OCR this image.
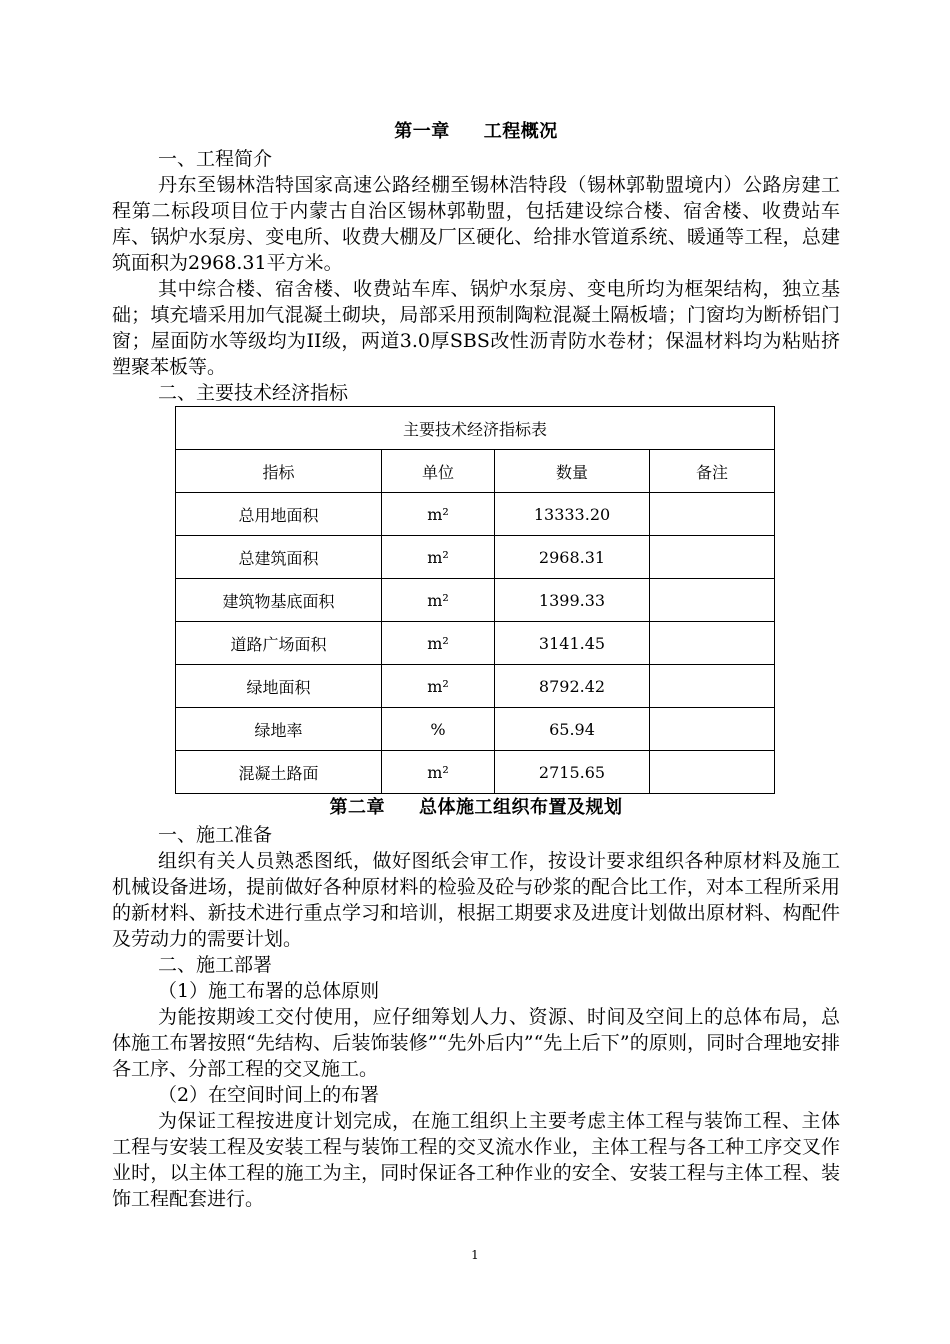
第一章 工程概况

一、工程简介

丹东至锡林浩特国家高速公路经棚至锡林浩特段（锡林郭勒盟境内）公路房建工程第二标段项目位于内蒙古自治区锡林郭勒盟，包括建设综合楼、宿舍楼、收费站车库、锅炉水泵房、变电所、收费大棚及厂区硬化、给排水管道系统、暖通等工程，总建筑面积为2968.31平方米。

其中综合楼、宿舍楼、收费站车库、锅炉水泵房、变电所均为框架结构，独立基础；填充墙采用加气混凝土砌块，局部采用预制陶粒混凝土隔板墙；门窗均为断桥铝门窗；屋面防水等级均为II级，两道3.0厚SBS改性沥青防水卷材；保温材料均为粘贴挤塑聚苯板等。

二、主要技术经济指标

主要技术经济指标表			
指标	单位	数量	备注
总用地面积	m²	13333.20	
总建筑面积	m²	2968.31	
建筑物基底面积	m²	1399.33	
道路广场面积	m²	3141.45	
绿地面积	m²	8792.42	
绿地率	%	65.94	
混凝土路面	m²	2715.65	
第二章 总体施工组织布置及规划

一、施工准备

组织有关人员熟悉图纸，做好图纸会审工作，按设计要求组织各种原材料及施工机械设备进场，提前做好各种原材料的检验及砼与砂浆的配合比工作，对本工程所采用的新材料、新技术进行重点学习和培训，根据工期要求及进度计划做出原材料、构配件及劳动力的需要计划。

二、施工部署

（1）施工布署的总体原则

为能按期竣工交付使用，应仔细筹划人力、资源、时间及空间上的总体布局，总体施工布署按照“先结构、后装饰装修”“先外后内”“先上后下”的原则，同时合理地安排各工序、分部工程的交叉施工。

（2）在空间时间上的布署

为保证工程按进度计划完成，在施工组织上主要考虑主体工程与装饰工程、主体工程与安装工程及安装工程与装饰工程的交叉流水作业，主体工程与各工种工序交叉作业时，以主体工程的施工为主，同时保证各工种作业的安全、安装工程与主体工程、装饰工程配套进行。

1
